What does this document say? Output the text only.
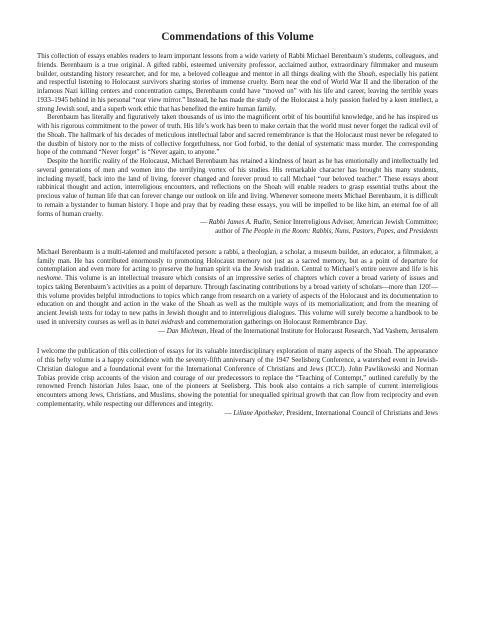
Commendations of this Volume

This collection of essays enables readers to learn important lessons from a wide variety of Rabbi Michael Berenbaum’s students, colleagues, and friends. Berenbaum is a true original. A gifted rabbi, esteemed university professor, acclaimed author, extraordinary filmmaker and museum builder, outstanding history researcher, and for me, a beloved colleague and mentor in all things dealing with the Shoah, especially his patient and respectful listening to Holocaust survivors sharing stories of immense cruelty. Born near the end of World War II and the liberation of the infamous Nazi killing centers and concentration camps, Berenbaum could have “moved on” with his life and career, leaving the terrible years 1933–1945 behind in his personal “rear view mirror.” Instead, he has made the study of the Holocaust a holy passion fueled by a keen intellect, a strong Jewish soul, and a superb work ethic that has benefited the entire human family.

Berenbaum has literally and figuratively taken thousands of us into the magnificent orbit of his bountiful knowledge, and he has inspired us with his rigorous commitment to the power of truth. His life’s work has been to make certain that the world must never forget the radical evil of the Shoah. The hallmark of his decades of meticulous intellectual labor and sacred remembrance is that the Holocaust must never be relegated to the dustbin of history nor to the mists of collective forgetfulness, nor God forbid, to the denial of systematic mass murder. The corresponding hope of the command “Never forget” is “Never again, to anyone.”

Despite the horrific reality of the Holocaust, Michael Berenbaum has retained a kindness of heart as he has emotionally and intellectually led several generations of men and women into the terrifying vortex of his studies. His remarkable character has brought his many students, including myself, back into the land of living, forever changed and forever proud to call Michael “our beloved teacher.” These essays about rabbinical thought and action, interreligious encounters, and reflections on the Shoah will enable readers to grasp essential truths about the precious value of human life that can forever change our outlook on life and living. Whenever someone meets Michael Berenbaum, it is difficult to remain a bystander to human history. I hope and pray that by reading these essays, you will be impelled to be like him, an eternal foe of all forms of human cruelty.

— Rabbi James A. Rudin, Senior Interreligious Adviser, American Jewish Committee;
author of The People in the Room: Rabbis, Nuns, Pastors, Popes, and Presidents

Michael Berenbaum is a multi-talented and multifaceted person: a rabbi, a theologian, a scholar, a museum builder, an educator, a filmmaker, a family man. He has contributed enormously to promoting Holocaust memory not just as a sacred memory, but as a point of departure for contemplation and even more for acting to preserve the human spirit via the Jewish tradition. Central to Michael’s entire oeuvre and life is his neshome. This volume is an intellectual treasure which consists of an impressive series of chapters which cover a broad variety of issues and topics taking Berenbaum’s activities as a point of departure. Through fascinating contributions by a broad variety of scholars—more than 120!—this volume provides helpful introductions to topics which range from research on a variety of aspects of the Holocaust and its documentation to education on and thought and action in the wake of the Shoah as well as the multiple ways of its memorialization; and from the meaning of ancient Jewish texts for today to new paths in Jewish thought and to interreligious dialogues. This volume will surely become a handbook to be used in university courses as well as in batei midrash and commemoration gatherings on Holocaust Remembrance Day.

— Dan Michman, Head of the International Institute for Holocaust Research, Yad Vashem, Jerusalem

I welcome the publication of this collection of essays for its valuable interdisciplinary exploration of many aspects of the Shoah. The appearance of this hefty volume is a happy coincidence with the seventy-fifth anniversary of the 1947 Seelisberg Conference, a watershed event in Jewish-Christian dialogue and a foundational event for the International Conference of Christians and Jews (ICCJ). John Pawlikowski and Norman Tobias provide crisp accounts of the vision and courage of our predecessors to replace the “Teaching of Contempt,” outlined carefully by the renowned French historian Jules Isaac, one of the pioneers at Seelisberg. This book also contains a rich sample of current interreligious encounters among Jews, Christians, and Muslims, showing the potential for unequalled spiritual growth that can flow from reciprocity and even complementarity, while respecting our differences and integrity.

— Liliane Apotheker, President, International Council of Christians and Jews
